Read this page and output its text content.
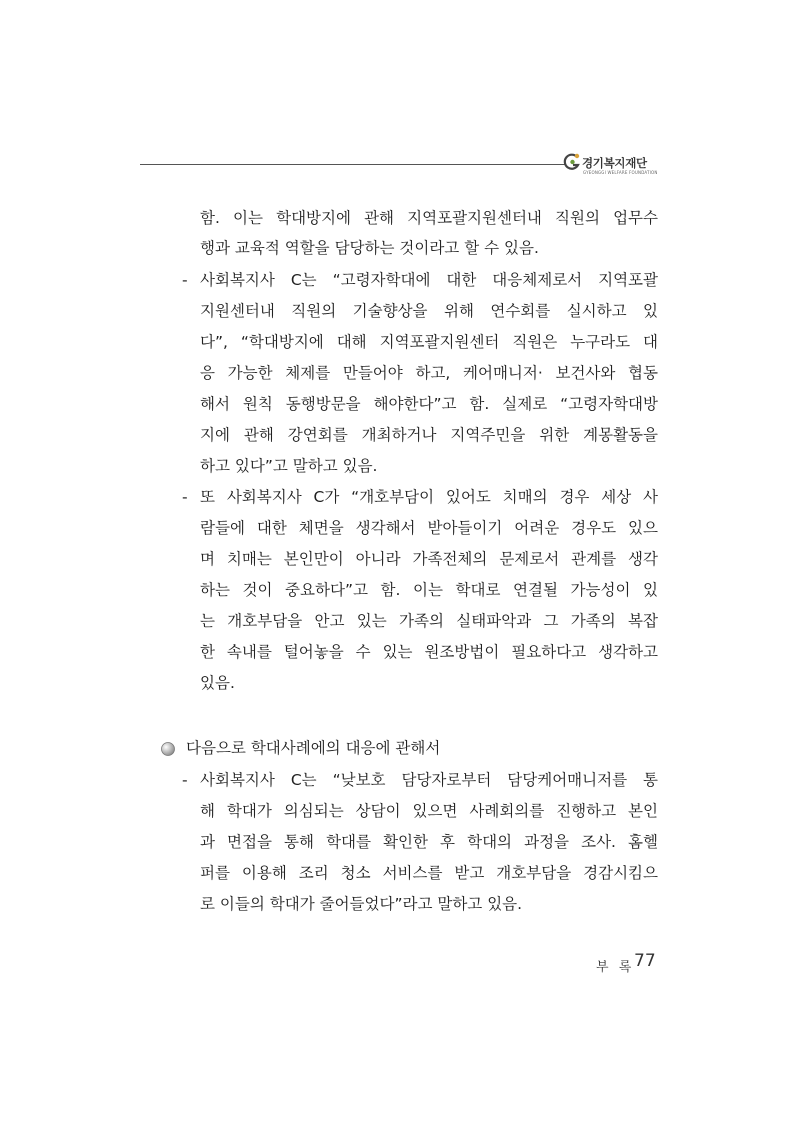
경기복지재단
GYEONGGI WELFARE FOUNDATION
함. 이는 학대방지에 관해 지역포괄지원센터내 직원의 업무수
행과 교육적 역할을 담당하는 것이라고 할 수 있음.
- 사회복지사 C는 “고령자학대에 대한 대응체제로서 지역포괄
지원센터내 직원의 기술향상을 위해 연수회를 실시하고 있
다”, “학대방지에 대해 지역포괄지원센터 직원은 누구라도 대
응 가능한 체제를 만들어야 하고, 케어매니저· 보건사와 협동
해서 원칙 동행방문을 해야한다”고 함. 실제로 “고령자학대방
지에 관해 강연회를 개최하거나 지역주민을 위한 계몽활동을
하고 있다”고 말하고 있음.
- 또 사회복지사 C가 “개호부담이 있어도 치매의 경우 세상 사
람들에 대한 체면을 생각해서 받아들이기 어려운 경우도 있으
며 치매는 본인만이 아니라 가족전체의 문제로서 관계를 생각
하는 것이 중요하다”고 함. 이는 학대로 연결될 가능성이 있
는 개호부담을 안고 있는 가족의 실태파악과 그 가족의 복잡
한 속내를 털어놓을 수 있는 원조방법이 필요하다고 생각하고
있음.
다음으로 학대사례에의 대응에 관해서
- 사회복지사 C는 “낮보호 담당자로부터 담당케어매니저를 통
해 학대가 의심되는 상담이 있으면 사례회의를 진행하고 본인
과 면접을 통해 학대를 확인한 후 학대의 과정을 조사. 홈헬
퍼를 이용해 조리 청소 서비스를 받고 개호부담을 경감시킴으
로 이들의 학대가 줄어들었다”라고 말하고 있음.
부 록 77
